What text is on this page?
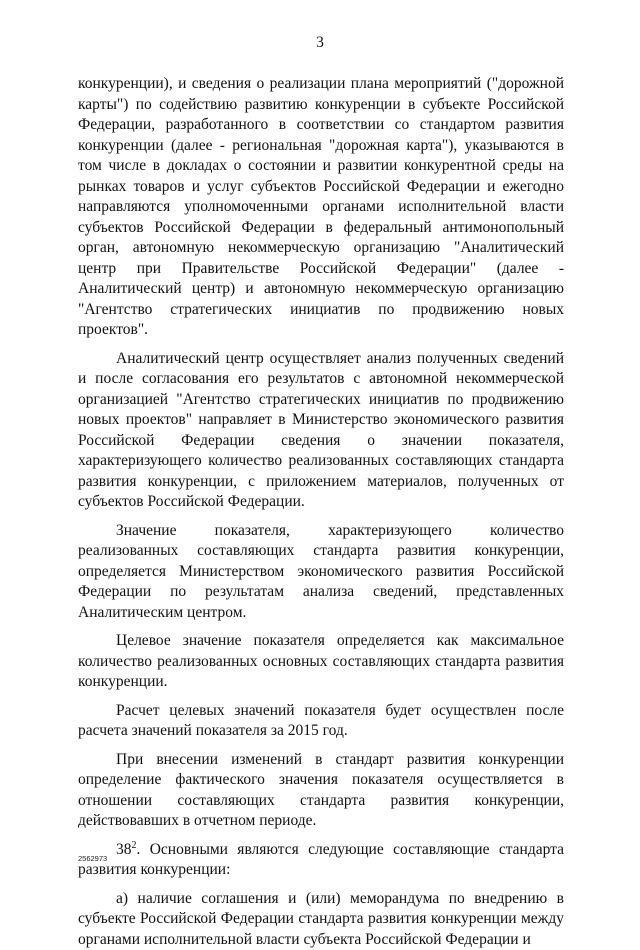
3

конкуренции), и сведения о реализации плана мероприятий ("дорожной карты") по содействию развитию конкуренции в субъекте Российской Федерации, разработанного в соответствии со стандартом развития конкуренции (далее - региональная "дорожная карта"), указываются в том числе в докладах о состоянии и развитии конкурентной среды на рынках товаров и услуг субъектов Российской Федерации и ежегодно направляются уполномоченными органами исполнительной власти субъектов Российской Федерации в федеральный антимонопольный орган, автономную некоммерческую организацию "Аналитический центр при Правительстве Российской Федерации" (далее - Аналитический центр) и автономную некоммерческую организацию "Агентство стратегических инициатив по продвижению новых проектов".

Аналитический центр осуществляет анализ полученных сведений и после согласования его результатов с автономной некоммерческой организацией "Агентство стратегических инициатив по продвижению новых проектов" направляет в Министерство экономического развития Российской Федерации сведения о значении показателя, характеризующего количество реализованных составляющих стандарта развития конкуренции, с приложением материалов, полученных от субъектов Российской Федерации.

Значение показателя, характеризующего количество реализованных составляющих стандарта развития конкуренции, определяется Министерством экономического развития Российской Федерации по результатам анализа сведений, представленных Аналитическим центром.

Целевое значение показателя определяется как максимальное количество реализованных основных составляющих стандарта развития конкуренции.

Расчет целевых значений показателя будет осуществлен после расчета значений показателя за 2015 год.

При внесении изменений в стандарт развития конкуренции определение фактического значения показателя осуществляется в отношении составляющих стандарта развития конкуренции, действовавших в отчетном периоде.

$38^2$. Основными являются следующие составляющие стандарта развития конкуренции:

а) наличие соглашения и (или) меморандума по внедрению в субъекте Российской Федерации стандарта развития конкуренции между органами исполнительной власти субъекта Российской Федерации и

2562973
